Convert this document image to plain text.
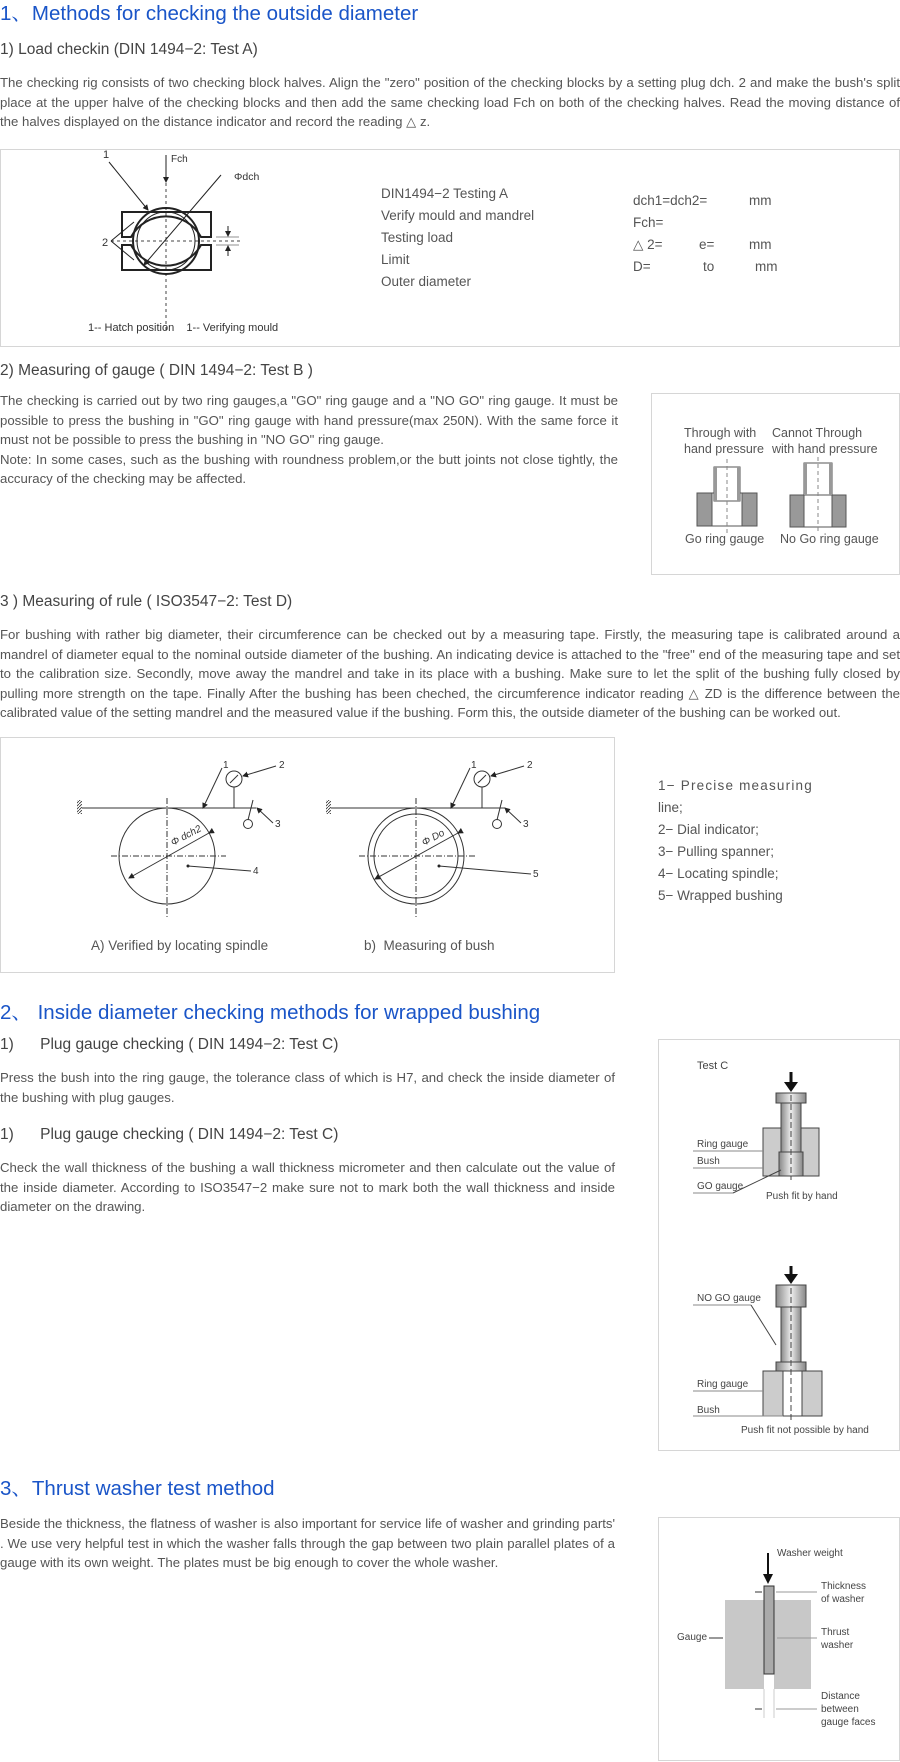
1、Methods for checking the outside diameter
1) Load checkin (DIN 1494−2: Test A)
The checking rig consists of two checking block halves. Align the "zero" position of the checking blocks by a setting plug dch. 2 and make the bush's split place at the upper halve of the checking blocks and then add the same checking load Fch on both of the checking halves. Read the moving distance of the halves displayed on the distance indicator and record the reading △ z.
Fch
1
2
Φdch
1-- Hatch position    1-- Verifying mould
DIN1494−2 Testing A
Verify mould and mandrel
Testing load
Limit
Outer diameter
dch1=dch2=	mm
Fch=
△ 2=	e=	mm
D=	to	mm
2) Measuring of gauge ( DIN 1494−2: Test B )
The checking is carried out by two ring gauges,a "GO" ring gauge and a "NO GO" ring gauge. It must be possible to press the bushing in "GO" ring gauge with hand pressure(max 250N). With the same force it must not be possible to press the bushing in "NO GO" ring gauge.
Note: In some cases, such as the bushing with roundness problem,or the butt joints not close tightly, the accuracy of the checking may be affected.
Through with
hand pressure
Cannot Through
with hand pressure
Go ring gauge No Go ring gauge
3 ) Measuring of rule ( ISO3547−2: Test D)
For bushing with rather big diameter, their circumference can be checked out by a measuring tape. Firstly, the measuring tape is calibrated around a mandrel of diameter equal to the nominal outside diameter of the bushing. An indicating device is attached to the "free" end of the measuring tape and set to the calibration size. Secondly, move away the mandrel and take in its place with a bushing. Make sure to let the split of the bushing fully closed by pulling more strength on the tape. Finally After the bushing has been cheched, the circumference indicator reading △ ZD is the difference between the calibrated value of the setting mandrel and the measured value if the bushing. Form this, the outside diameter of the bushing can be worked out.
Φ dch2
1	2
3
4
Φ Do
1	2
3
5
A) Verified by locating spindle	b)  Measuring of bush
1− Precise measuring
line;
2− Dial indicator;
3− Pulling spanner;
4− Locating spindle;
5− Wrapped bushing
2、 Inside diameter checking methods for wrapped bushing
1) Plug gauge checking ( DIN 1494−2: Test C)
Press the bush into the ring gauge, the tolerance class of which is H7, and check the inside diameter of the bushing with plug gauges.
1) Plug gauge checking ( DIN 1494−2: Test C)
Check the wall thickness of the bushing a wall thickness micrometer and then calculate out the value of the inside diameter. According to ISO3547−2 make sure not to mark both the wall thickness and inside diameter on the drawing.
Test C
Ring gauge
Bush
GO gauge
Push fit by hand
NO GO gauge
Ring gauge
Bush
Push fit not possible by hand
3、Thrust washer test method
Beside the thickness, the flatness of washer is also important for service life of washer and grinding parts' . We use very helpful test in which the washer falls through the gap between two plain parallel plates of a gauge with its own weight. The plates must be big enough to cover the whole washer.
Washer weight
Thickness
of washer
Gauge	Thrust
washer
Distance
between
gauge faces
